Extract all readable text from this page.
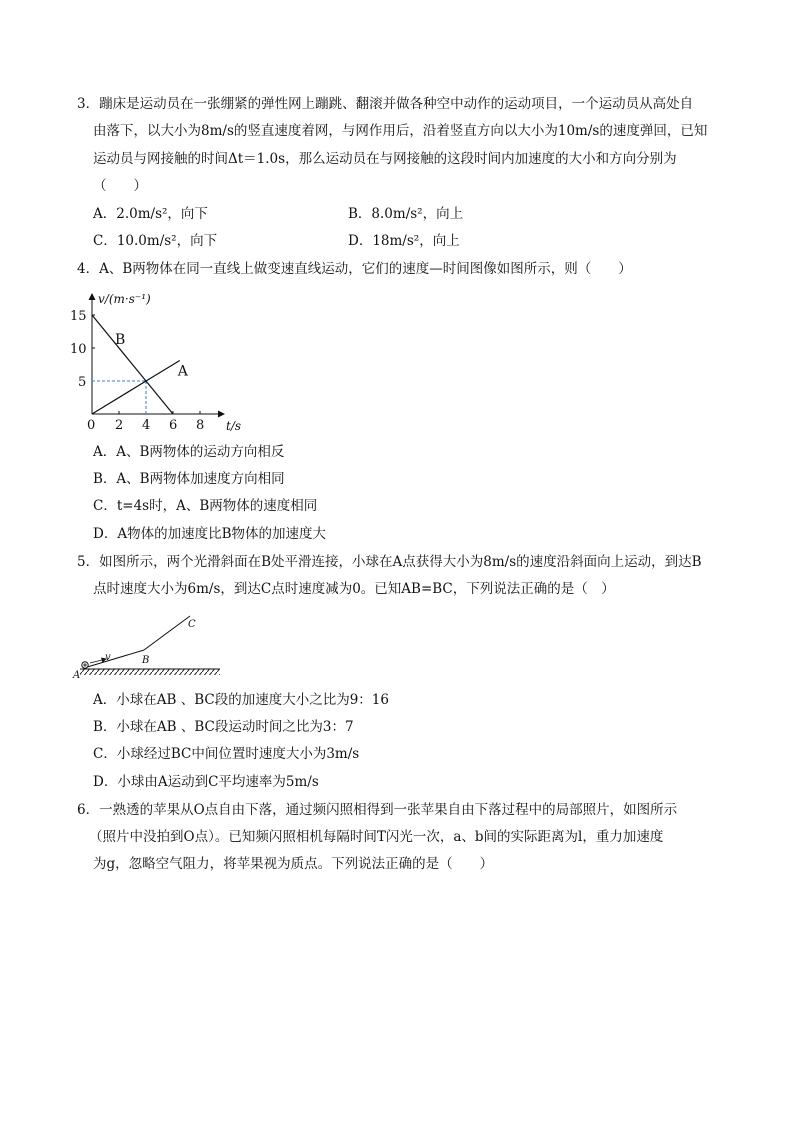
3．蹦床是运动员在一张绷紧的弹性网上蹦跳、翻滚并做各种空中动作的运动项目，一个运动员从高处自
由落下，以大小为8m/s的竖直速度着网，与网作用后，沿着竖直方向以大小为10m/s的速度弹回，已知
运动员与网接触的时间Δt＝1.0s，那么运动员在与网接触的这段时间内加速度的大小和方向分别为
（　　）
A．2.0m/s²，向下	B．8.0m/s²，向上
C．10.0m/s²，向下	D．18m/s²，向上
4．A、B两物体在同一直线上做变速直线运动，它们的速度—时间图像如图所示，则（　　）
v/(m·s⁻¹)
t/s
0 2 4 6 8
5
10
15
A
B
A．A、B两物体的运动方向相反
B．A、B两物体加速度方向相同
C．t=4s时，A、B两物体的速度相同
D．A物体的加速度比B物体的加速度大
5．如图所示，两个光滑斜面在B处平滑连接，小球在A点获得大小为8m/s的速度沿斜面向上运动，到达B
点时速度大小为6m/s，到达C点时速度减为0。已知AB=BC，下列说法正确的是（　）
v
A
B
C
A．小球在AB 、BC段的加速度大小之比为9：16
B．小球在AB 、BC段运动时间之比为3：7
C．小球经过BC中间位置时速度大小为3m/s
D．小球由A运动到C平均速率为5m/s
6．一熟透的苹果从O点自由下落，通过频闪照相得到一张苹果自由下落过程中的局部照片，如图所示
（照片中没拍到O点）。已知频闪照相机每隔时间T闪光一次，a、b间的实际距离为l，重力加速度
为g，忽略空气阻力，将苹果视为质点。下列说法正确的是（　　）
